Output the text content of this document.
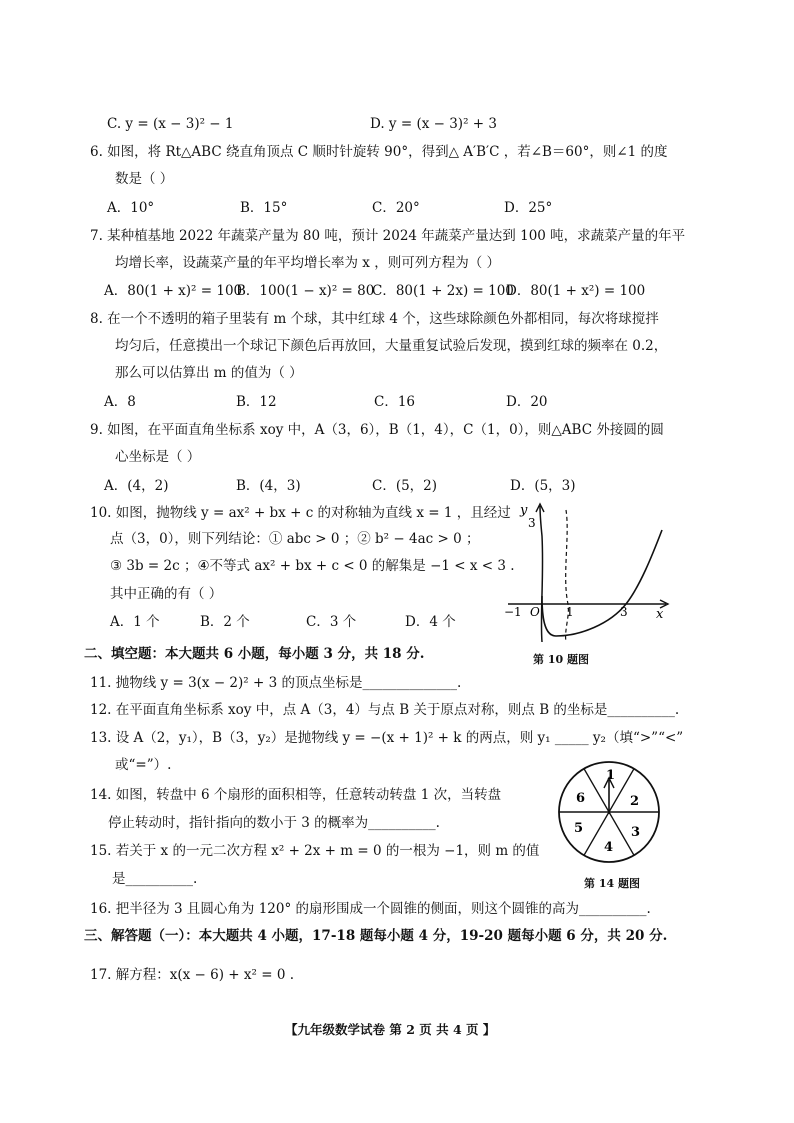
C. y = (x − 3)² − 1	D. y = (x − 3)² + 3
6. 如图，将 Rt△ABC 绕直角顶点 C 顺时针旋转 90°，得到△ A′B′C ，若∠B＝60°，则∠1 的度
数是（ ）
A．10°	B．15°	C．20°	D．25°
7. 某种植基地 2022 年蔬菜产量为 80 吨，预计 2024 年蔬菜产量达到 100 吨，求蔬菜产量的年平
均增长率，设蔬菜产量的年平均增长率为 x ，则可列方程为（ ）
A．80(1 + x)² = 100
B．100(1 − x)² = 80
C．80(1 + 2x) = 100
D．80(1 + x²) = 100
8. 在一个不透明的箱子里装有 m 个球，其中红球 4 个，这些球除颜色外都相同，每次将球搅拌
均匀后，任意摸出一个球记下颜色后再放回，大量重复试验后发现，摸到红球的频率在 0.2，
那么可以估算出 m 的值为（ ）
A．8	B．12	C．16	D．20
9. 如图，在平面直角坐标系 xoy 中，A（3，6），B（1，4），C（1，0），则△ABC 外接圆的圆
心坐标是（ ）
A．(4，2)	B．(4，3)	C．(5，2)	D．(5，3)
10. 如图，抛物线 y = ax² + bx + c 的对称轴为直线 x = 1 ，且经过
点（3，0），则下列结论：① abc > 0 ；② b² − 4ac > 0 ；
③ 3b = 2c ；④不等式 ax² + bx + c < 0 的解集是 −1 < x < 3 .
其中正确的有（ ）
A．1 个	B．2 个	C．3 个	D．4 个
y
3
x
−1 O 1	3
第 10 题图
二、填空题：本大题共 6 小题，每小题 3 分，共 18 分.
11. 抛物线 y = 3(x − 2)² + 3 的顶点坐标是______________.
12. 在平面直角坐标系 xoy 中，点 A（3，4）与点 B 关于原点对称，则点 B 的坐标是__________.
13. 设 A（2，y₁），B（3，y₂）是抛物线 y = −(x + 1)² + k 的两点，则 y₁ _____ y₂（填“>”“<”
或“=”）.
14. 如图，转盘中 6 个扇形的面积相等，任意转动转盘 1 次，当转盘
停止转动时，指针指向的数小于 3 的概率为__________.
1
2
3
4
5
6
第 14 题图
15. 若关于 x 的一元二次方程 x² + 2x + m = 0 的一根为 −1，则 m 的值
是__________.
16. 把半径为 3 且圆心角为 120° 的扇形围成一个圆锥的侧面，则这个圆锥的高为__________.
三、解答题（一）：本大题共 4 小题，17-18 题每小题 4 分，19-20 题每小题 6 分，共 20 分.
17. 解方程：x(x − 6) + x² = 0 .
【九年级数学试卷 第 2 页 共 4 页 】
